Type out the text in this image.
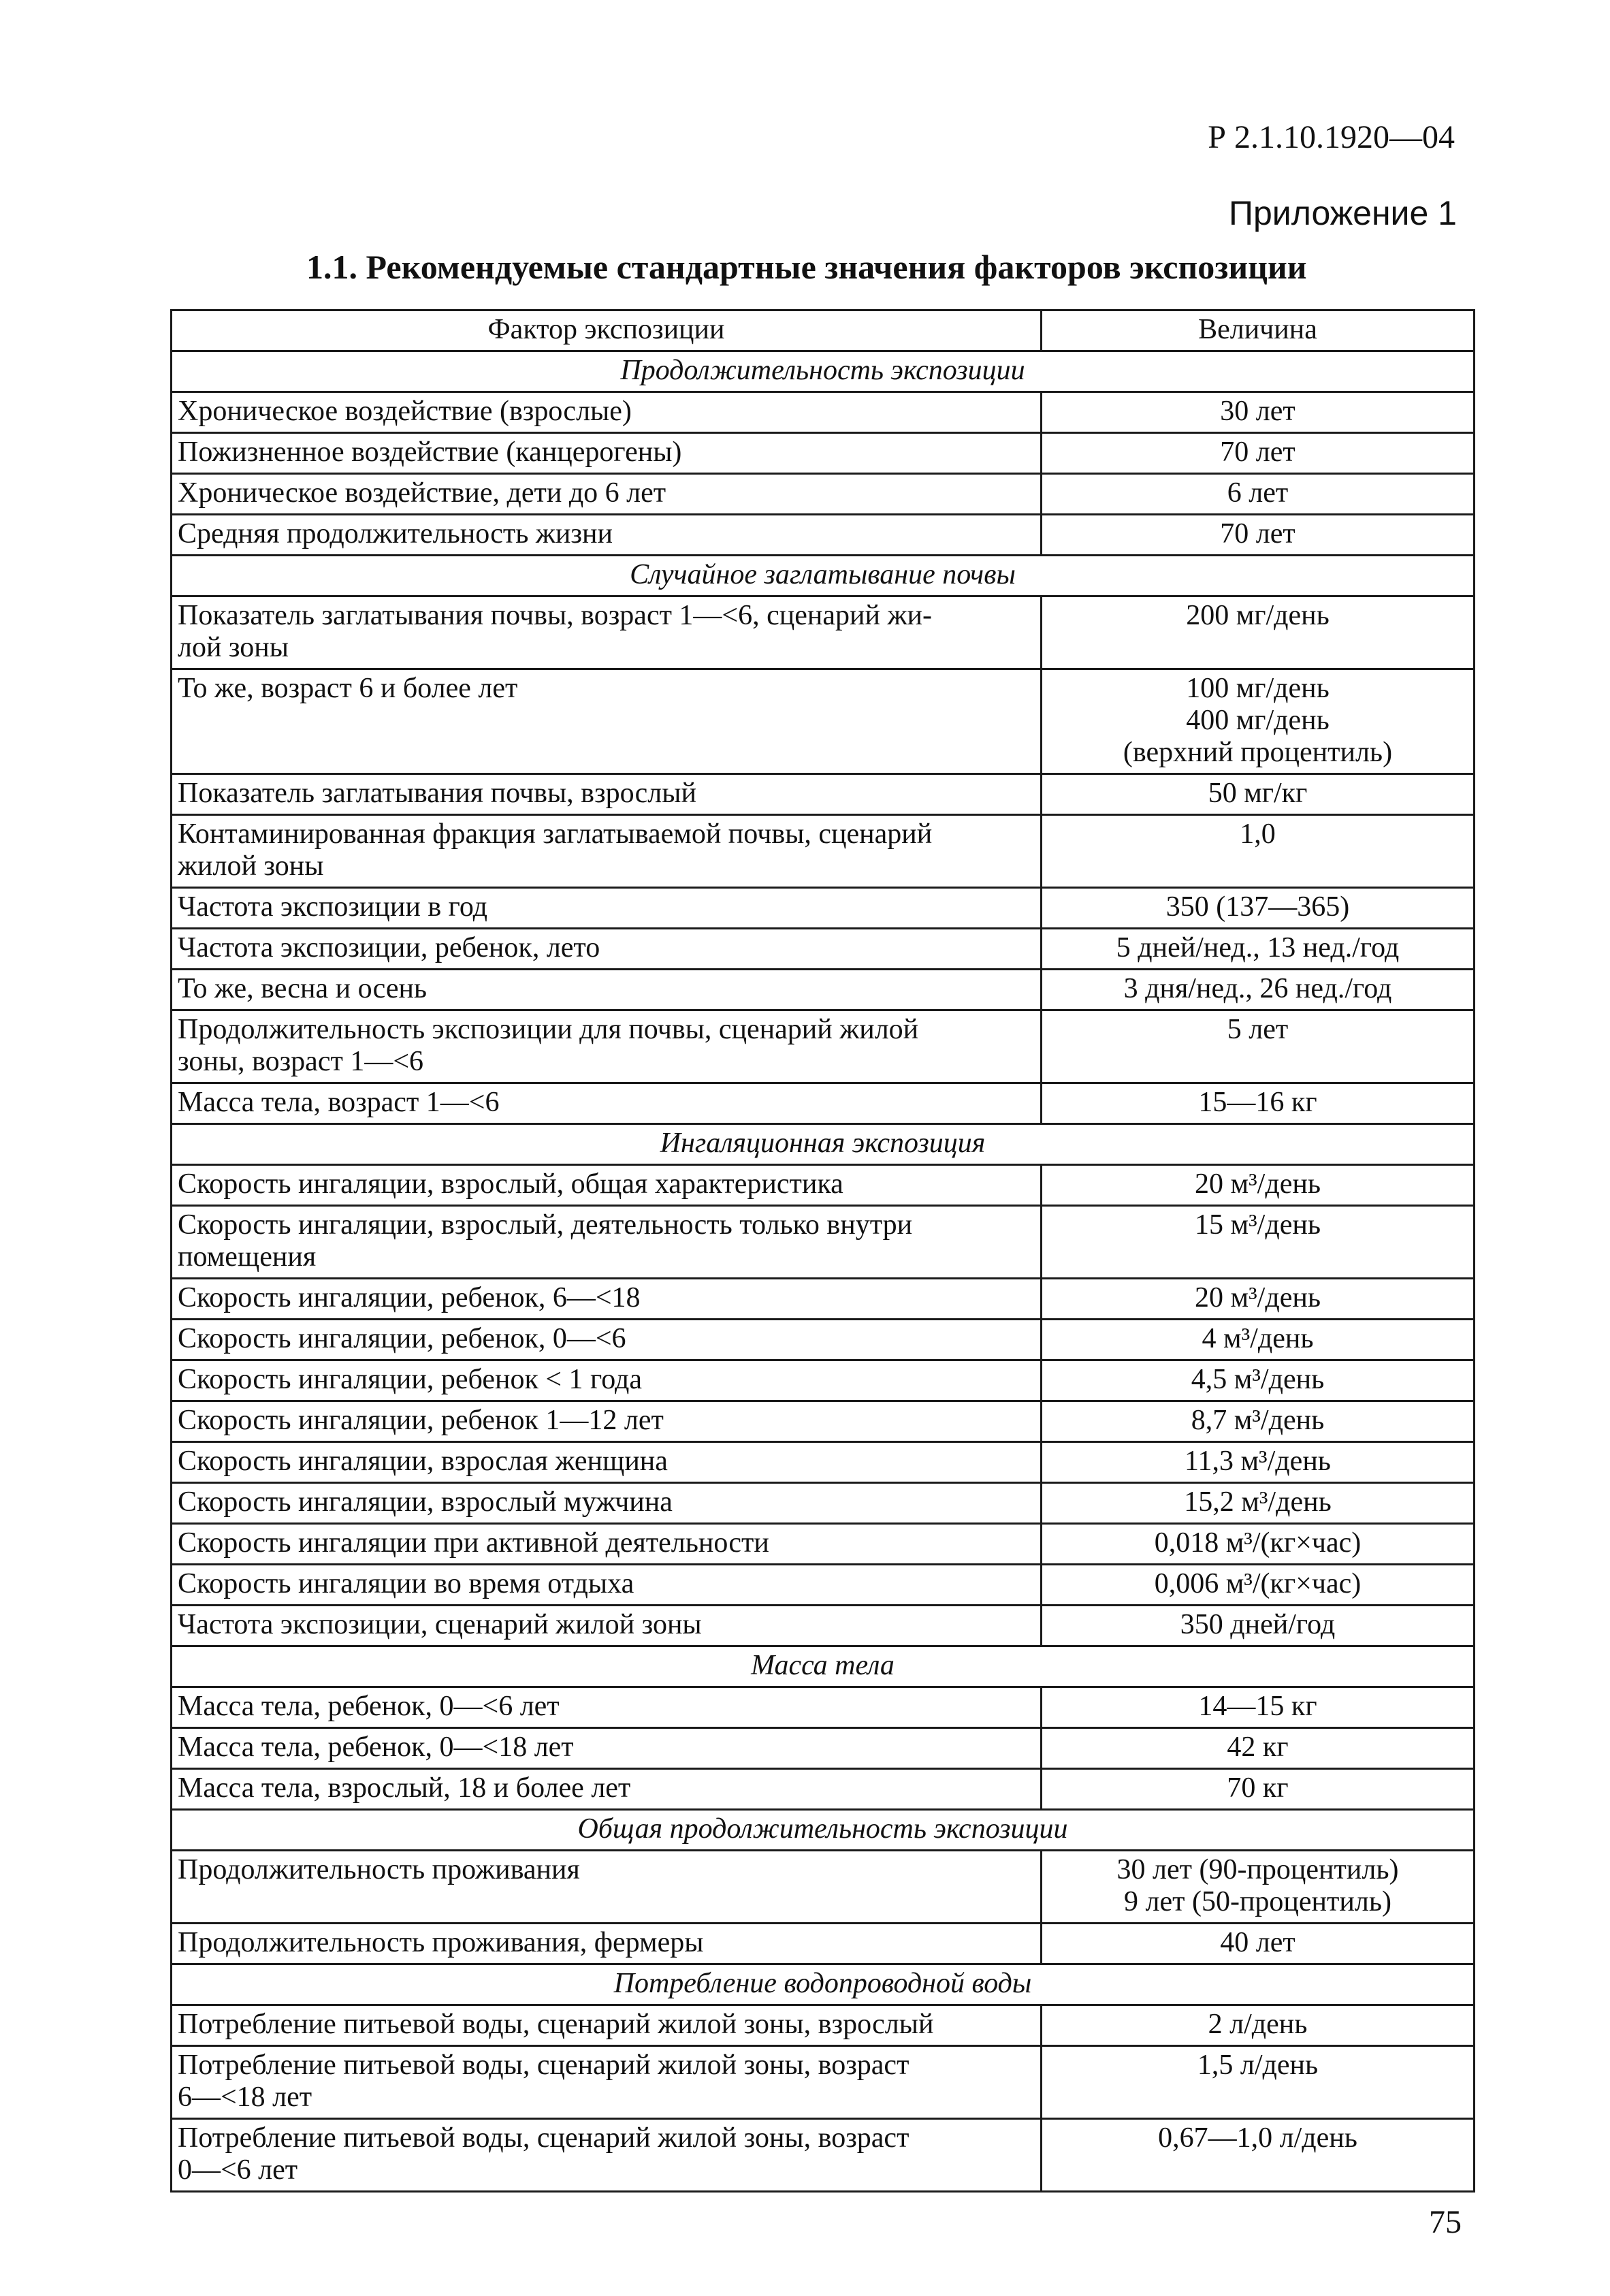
Р 2.1.10.1920—04
Приложение 1
1.1. Рекомендуемые стандартные значения факторов экспозиции
Фактор экспозиции	Величина
Продолжительность экспозиции	
Хроническое воздействие (взрослые)	30 лет
Пожизненное воздействие (канцерогены)	70 лет
Хроническое воздействие, дети до 6 лет	6 лет
Средняя продолжительность жизни	70 лет
Случайное заглатывание почвы	
Показатель заглатывания почвы, возраст 1—<6, сценарий жи-
лой зоны	200 мг/день
То же, возраст 6 и более лет	100 мг/день
400 мг/день
(верхний процентиль)
Показатель заглатывания почвы, взрослый	50 мг/кг
Контаминированная фракция заглатываемой почвы, сценарий
жилой зоны	1,0
Частота экспозиции в год	350 (137—365)
Частота экспозиции, ребенок, лето	5 дней/нед., 13 нед./год
То же, весна и осень	3 дня/нед., 26 нед./год
Продолжительность экспозиции для почвы, сценарий жилой
зоны, возраст 1—<6	5 лет
Масса тела, возраст 1—<6	15—16 кг
Ингаляционная экспозиция	
Скорость ингаляции, взрослый, общая характеристика	20 м³/день
Скорость ингаляции, взрослый, деятельность только внутри
помещения	15 м³/день
Скорость ингаляции, ребенок, 6—<18	20 м³/день
Скорость ингаляции, ребенок, 0—<6	4 м³/день
Скорость ингаляции, ребенок < 1 года	4,5 м³/день
Скорость ингаляции, ребенок 1—12 лет	8,7 м³/день
Скорость ингаляции, взрослая женщина	11,3 м³/день
Скорость ингаляции, взрослый мужчина	15,2 м³/день
Скорость ингаляции при активной деятельности	0,018 м³/(кг×час)
Скорость ингаляции во время отдыха	0,006 м³/(кг×час)
Частота экспозиции, сценарий жилой зоны	350 дней/год
Масса тела	
Масса тела, ребенок, 0—<6 лет	14—15 кг
Масса тела, ребенок, 0—<18 лет	42 кг
Масса тела, взрослый, 18 и более лет	70 кг
Общая продолжительность экспозиции	
Продолжительность проживания	30 лет (90-процентиль)
9 лет (50-процентиль)
Продолжительность проживания, фермеры	40 лет
Потребление водопроводной воды	
Потребление питьевой воды, сценарий жилой зоны, взрослый	2 л/день
Потребление питьевой воды, сценарий жилой зоны, возраст
6—<18 лет	1,5 л/день
Потребление питьевой воды, сценарий жилой зоны, возраст
0—<6 лет	0,67—1,0 л/день
75
